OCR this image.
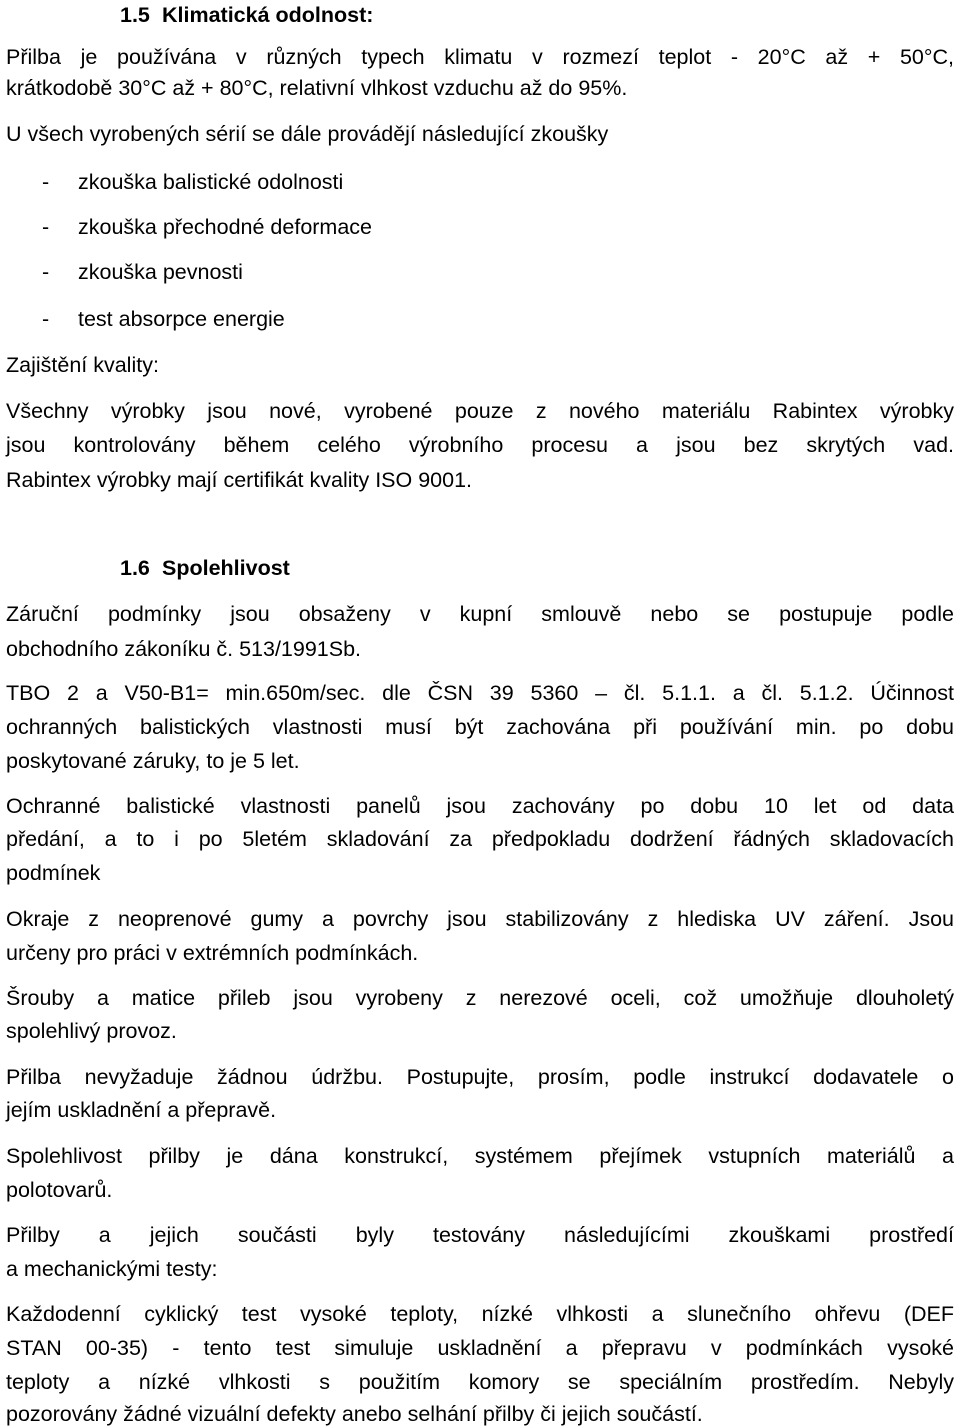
1.5 Klimatická odolnost:
Přilba je používána v různých typech klimatu v rozmezí teplot - 20°C až + 50°C,
krátkodobě 30°C až + 80°C, relativní vlhkost vzduchu až do 95%.
U všech vyrobených sérií se dále provádějí následující zkoušky
- zkouška balistické odolnosti
- zkouška přechodné deformace
- zkouška pevnosti
- test absorpce energie
Zajištění kvality:
Všechny výrobky jsou nové, vyrobené pouze z nového materiálu Rabintex výrobky
jsou kontrolovány během celého výrobního procesu a jsou bez skrytých vad.
Rabintex výrobky mají certifikát kvality ISO 9001.
1.6 Spolehlivost
Záruční podmínky jsou obsaženy v kupní smlouvě nebo se postupuje podle
obchodního zákoníku č. 513/1991Sb.
TBO 2 a V50-B1= min.650m/sec. dle ČSN 39 5360 – čl. 5.1.1. a čl. 5.1.2. Účinnost
ochranných balistických vlastnosti musí být zachována při používání min. po dobu
poskytované záruky, to je 5 let.
Ochranné balistické vlastnosti panelů jsou zachovány po dobu 10 let od data
předání, a to i po 5letém skladování za předpokladu dodržení řádných skladovacích
podmínek
Okraje z neoprenové gumy a povrchy jsou stabilizovány z hlediska UV záření. Jsou
určeny pro práci v extrémních podmínkách.
Šrouby a matice přileb jsou vyrobeny z nerezové oceli, což umožňuje dlouholetý
spolehlivý provoz.
Přilba nevyžaduje žádnou údržbu. Postupujte, prosím, podle instrukcí dodavatele o
jejím uskladnění a přepravě.
Spolehlivost přilby je dána konstrukcí, systémem přejímek vstupních materiálů a
polotovarů.
Přilby a jejich součásti byly testovány následujícími zkouškami prostředí
a mechanickými testy:
Každodenní cyklický test vysoké teploty, nízké vlhkosti a slunečního ohřevu (DEF
STAN 00-35) - tento test simuluje uskladnění a přepravu v podmínkách vysoké
teploty a nízké vlhkosti s použitím komory se speciálním prostředím. Nebyly
pozorovány žádné vizuální defekty anebo selhání přilby či jejich součástí.
